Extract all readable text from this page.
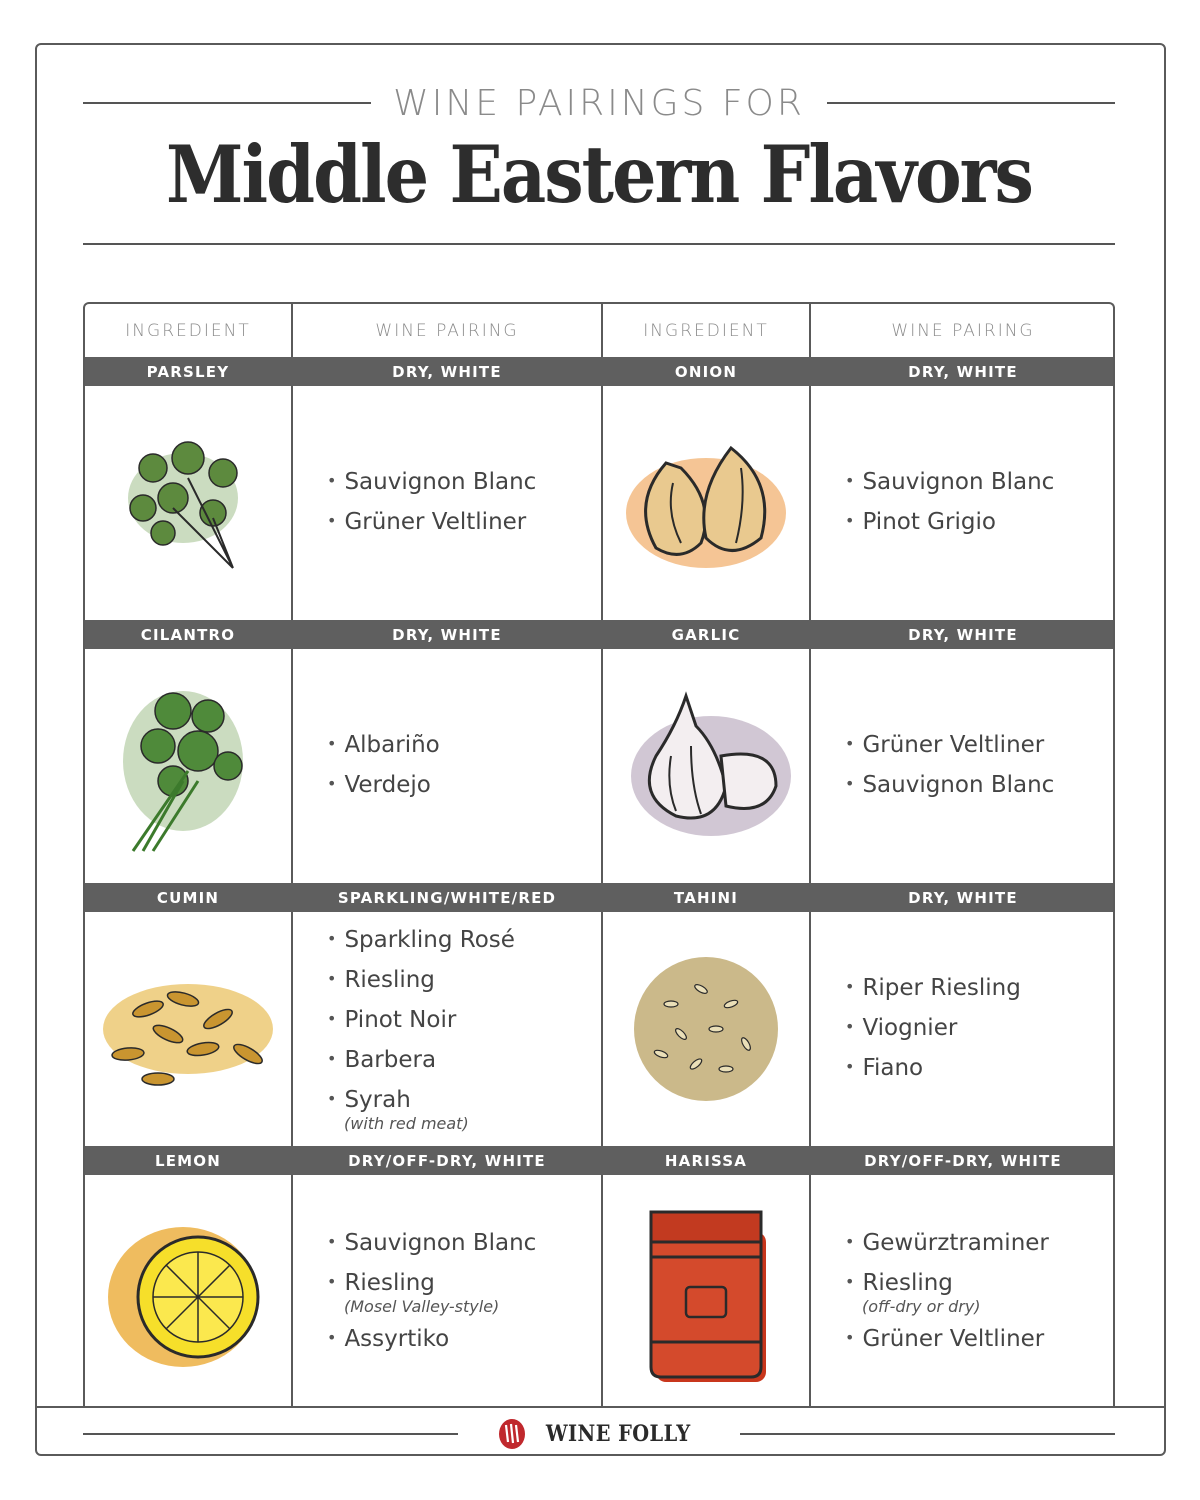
WINE PAIRINGS FOR
Middle Eastern Flavors
INGREDIENT	WINE PAIRING	INGREDIENT	WINE PAIRING
PARSLEY	DRY, WHITE
• Sauvignon Blanc
• Grüner Veltliner
ONION	DRY, WHITE
• Sauvignon Blanc
• Pinot Grigio
CILANTRO	DRY, WHITE
• Albariño
• Verdejo
GARLIC	DRY, WHITE
• Grüner Veltliner
• Sauvignon Blanc
CUMIN	SPARKLING/WHITE/RED
• Sparkling Rosé
• Riesling
• Pinot Noir
• Barbera
• Syrah
(with red meat)
TAHINI	DRY, WHITE
• Riper Riesling
• Viognier
• Fiano
LEMON	DRY/OFF-DRY, WHITE
• Sauvignon Blanc
• Riesling
(Mosel Valley-style)
• Assyrtiko
HARISSA	DRY/OFF-DRY, WHITE
• Gewürztraminer
• Riesling
(off-dry or dry)
• Grüner Veltliner
WINE FOLLY
